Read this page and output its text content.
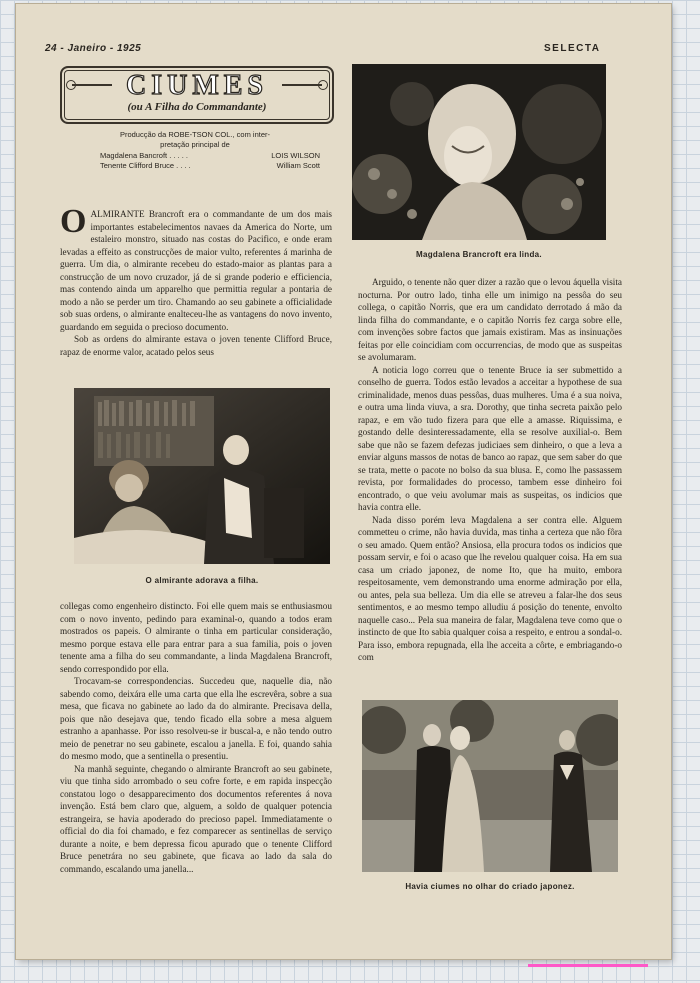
24 - Janeiro - 1925	SELECTA
CIUMES
(ou A Filha do Commandante)
Producção da ROBE-TSON COL., com inter-
pretação principal de
Magdalena Bancroft . . . . .	LOIS WILSON
Tenente Clifford Bruce . . . .	William Scott

OALMIRANTE Brancroft era o commandante de um dos mais importantes estabelecimentos navaes da America do Norte, um estaleiro monstro, situado nas costas do Pacifico, e onde eram levadas a effeito as construcções de maior vulto, referentes á marinha de guerra. Um dia, o almirante recebeu do estado-maior as plantas para a construcção de um novo cruzador, já de si grande poderio e efficiencia, mas contendo ainda um apparelho que permittia regular a pontaria de modo a não se perder um tiro. Chamando ao seu gabinete a officialidade sob suas ordens, o almirante enalteceu-lhe as vantagens do novo invento, guardando em seguida o precioso documento.

Sob as ordens do almirante estava o joven tenente Clifford Bruce, rapaz de enorme valor, acatado pelos seus

O almirante adorava a filha.

collegas como engenheiro distincto. Foi elle quem mais se enthusiasmou com o novo invento, pedindo para examinal-o, quando a todos eram mostrados os papeis. O almirante o tinha em particular consideração, mesmo porque estava elle para entrar para a sua familia, pois o joven tenente ama a filha do seu commandante, a linda Magdalena Brancroft, sendo correspondido por ella.

Trocavam-se correspondencias. Succedeu que, naquelle dia, não sabendo como, deixára elle uma carta que ella lhe escrevêra, sobre a sua mesa, que ficava no gabinete ao lado da do almirante. Precisava della, pois que não desejava que, tendo ficado ella sobre a mesa alguem estranho a apanhasse. Por isso resolveu-se ir buscal-a, e não tendo outro meio de penetrar no seu gabinete, escalou a janella. E foi, quando sahia do mesmo modo, que a sentinella o presentiu.

Na manhã seguinte, chegando o almirante Brancroft ao seu gabinete, viu que tinha sido arrombado o seu cofre forte, e em rapida inspecção constatou logo o desapparecimento dos documentos referentes á nova invenção. Está bem claro que, alguem, a soldo de qualquer potencia estrangeira, se havia apoderado do precioso papel. Immediatamente o official do dia foi chamado, e fez comparecer as sentinellas de serviço durante a noite, e bem depressa ficou apurado que o tenente Clifford Bruce penetrára no seu gabinete, que ficava ao lado da sala do commando, escalando uma janella...

Magdalena Brancroft era linda.

Arguido, o tenente não quer dizer a razão que o levou áquella visita nocturna. Por outro lado, tinha elle um inimigo na pessôa do seu collega, o capitão Norris, que era um candidato derrotado á mão da linda filha do commandante, e o capitão Norris fez carga sobre elle, com invenções sobre factos que jamais existiram. Mas as insinuações feitas por elle coincidiam com occurrencias, de modo que as suspeitas se avolumaram.

A noticia logo correu que o tenente Bruce ia ser submettido a conselho de guerra. Todos estão levados a acceitar a hypothese de sua criminalidade, menos duas pessôas, duas mulheres. Uma é a sua noiva, e outra uma linda viuva, a sra. Dorothy, que tinha secreta paixão pelo rapaz, e em vão tudo fizera para que elle a amasse. Riquissima, e gostando delle desinteressadamente, ella se resolve auxilial-o. Bem sabe que não se fazem defezas judiciaes sem dinheiro, o que a leva a enviar alguns massos de notas de banco ao rapaz, que sem saber do que se trata, mette o pacote no bolso da sua blusa. E, como lhe passassem revista, por formalidades do processo, tambem esse dinheiro foi encontrado, o que veiu avolumar mais as suspeitas, os indicios que havia contra elle.

Nada disso porém leva Magdalena a ser contra elle. Alguem commetteu o crime, não havia duvida, mas tinha a certeza que não fôra o seu amado. Quem então? Ansiosa, ella procura todos os indicios que possam servir, e foi o acaso que lhe revelou qualquer coisa. Ha em sua casa um criado japonez, de nome Ito, que ha muito, embora respeitosamente, vem demonstrando uma enorme admiração por ella, ou antes, pela sua belleza. Um dia elle se atreveu a falar-lhe dos seus sentimentos, e ao mesmo tempo alludiu á posição do tenente, envolto naquelle caso... Pela sua maneira de falar, Magdalena teve como que o instincto de que Ito sabia qualquer coisa a respeito, e entrou a sondal-o. Para isso, embora repugnada, ella lhe acceita a côrte, e embriagando-o com

Havia ciumes no olhar do criado japonez.
